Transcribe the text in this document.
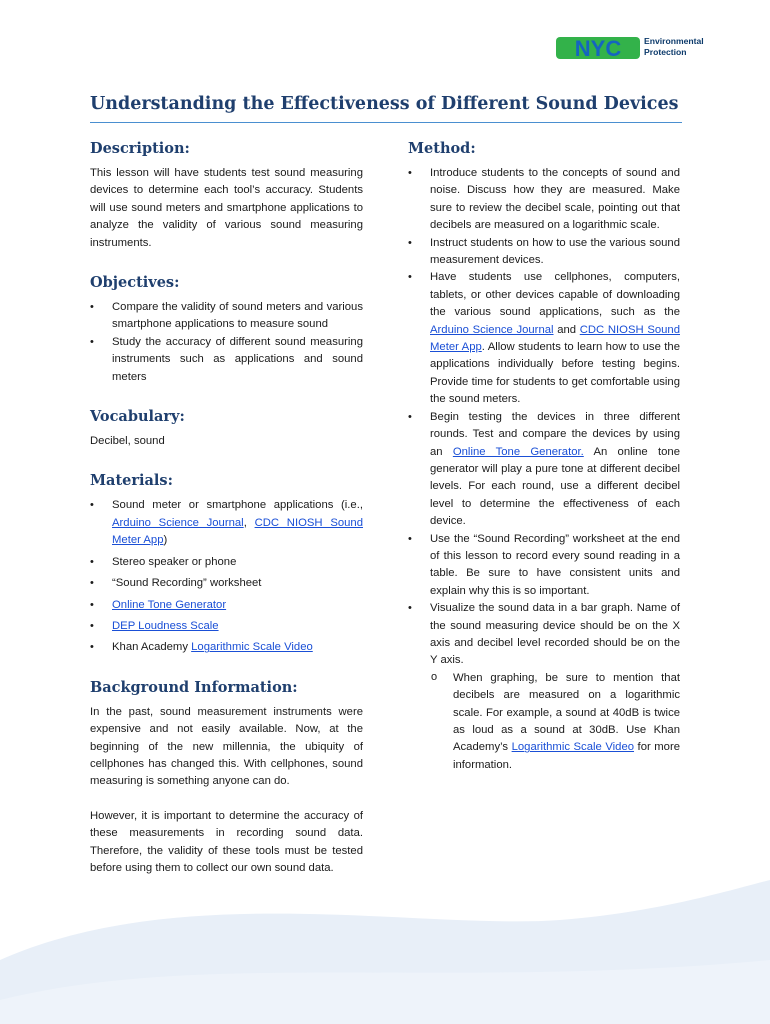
NYC	Environmental
Protection
Understanding the Effectiveness of Different Sound Devices
Description:

This lesson will have students test sound measuring devices to determine each tool’s accuracy. Students will use sound meters and smartphone applications to analyze the validity of various sound measuring instruments.

Objectives:
• Compare the validity of sound meters and various smartphone applications to measure sound
• Study the accuracy of different sound measuring instruments such as applications and sound meters
Vocabulary:

Decibel, sound

Materials:
• Sound meter or smartphone applications (i.e., Arduino Science Journal, CDC NIOSH Sound Meter App)
• Stereo speaker or phone
• “Sound Recording” worksheet
• Online Tone Generator
• DEP Loudness Scale
• Khan Academy Logarithmic Scale Video
Background Information:

In the past, sound measurement instruments were expensive and not easily available. Now, at the beginning of the new millennia, the ubiquity of cellphones has changed this. With cellphones, sound measuring is something anyone can do.

However, it is important to determine the accuracy of these measurements in recording sound data. Therefore, the validity of these tools must be tested before using them to collect our own sound data.

Method:
• Introduce students to the concepts of sound and noise. Discuss how they are measured. Make sure to review the decibel scale, pointing out that decibels are measured on a logarithmic scale.
• Instruct students on how to use the various sound measurement devices.
• Have students use cellphones, computers, tablets, or other devices capable of downloading the various sound applications, such as the Arduino Science Journal and CDC NIOSH Sound Meter App. Allow students to learn how to use the applications individually before testing begins. Provide time for students to get comfortable using the sound meters.
• Begin testing the devices in three different rounds. Test and compare the devices by using an Online Tone Generator. An online tone generator will play a pure tone at different decibel levels. For each round, use a different decibel level to determine the effectiveness of each device.
• Use the “Sound Recording” worksheet at the end of this lesson to record every sound reading in a table. Be sure to have consistent units and explain why this is so important.
• Visualize the sound data in a bar graph. Name of the sound measuring device should be on the X axis and decibel level recorded should be on the Y axis.
o When graphing, be sure to mention that decibels are measured on a logarithmic scale. For example, a sound at 40dB is twice as loud as a sound at 30dB. Use Khan Academy’s Logarithmic Scale Video for more information.
